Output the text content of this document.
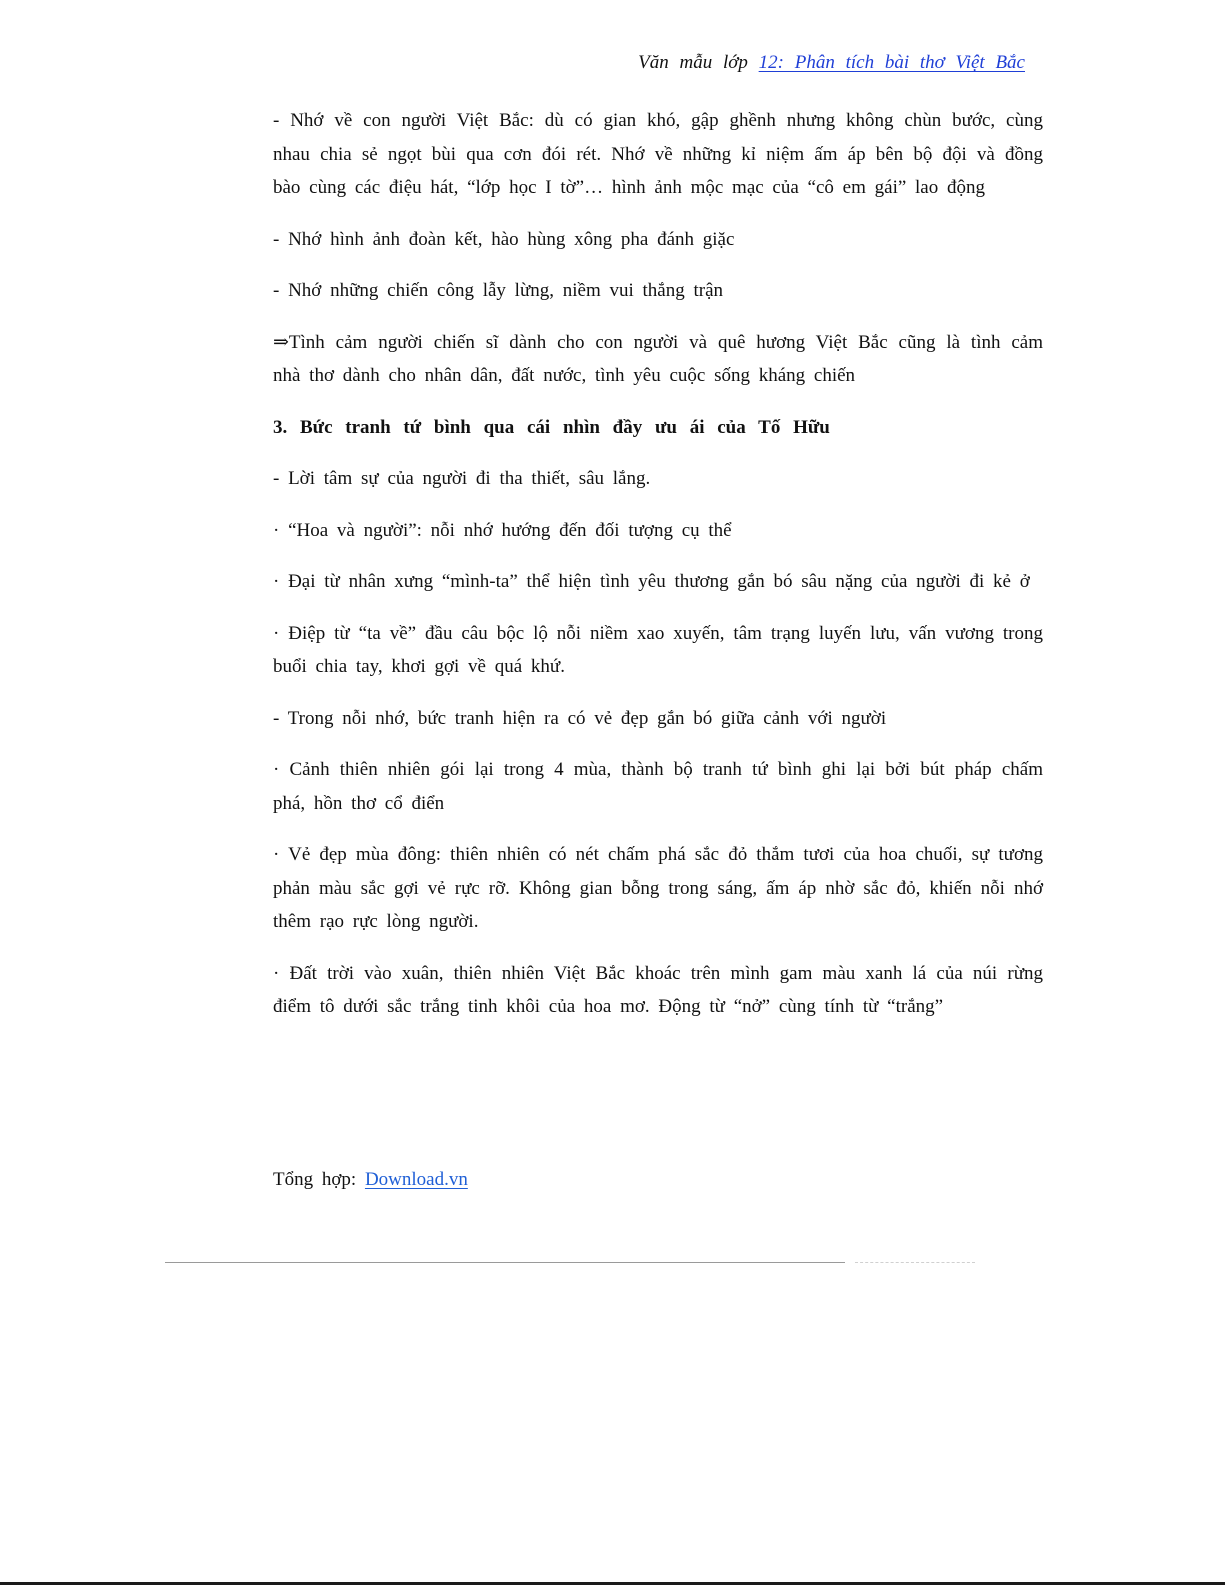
Văn mẫu lớp 12: Phân tích bài thơ Việt Bắc

- Nhớ về con người Việt Bắc: dù có gian khó, gập ghềnh nhưng không chùn bước, cùng nhau chia sẻ ngọt bùi qua cơn đói rét. Nhớ về những kỉ niệm ấm áp bên bộ đội và đồng bào cùng các điệu hát, “lớp học I tờ”… hình ảnh mộc mạc của “cô em gái” lao động

- Nhớ hình ảnh đoàn kết, hào hùng xông pha đánh giặc

- Nhớ những chiến công lẫy lừng, niềm vui thắng trận

⇒Tình cảm người chiến sĩ dành cho con người và quê hương Việt Bắc cũng là tình cảm nhà thơ dành cho nhân dân, đất nước, tình yêu cuộc sống kháng chiến

3. Bức tranh tứ bình qua cái nhìn đầy ưu ái của Tố Hữu

- Lời tâm sự của người đi tha thiết, sâu lắng.

· “Hoa và người”: nỗi nhớ hướng đến đối tượng cụ thể

· Đại từ nhân xưng “mình-ta” thể hiện tình yêu thương gắn bó sâu nặng của người đi kẻ ở

· Điệp từ “ta về” đầu câu bộc lộ nỗi niềm xao xuyến, tâm trạng luyến lưu, vấn vương trong buổi chia tay, khơi gợi về quá khứ.

- Trong nỗi nhớ, bức tranh hiện ra có vẻ đẹp gắn bó giữa cảnh với người

· Cảnh thiên nhiên gói lại trong 4 mùa, thành bộ tranh tứ bình ghi lại bởi bút pháp chấm phá, hồn thơ cổ điển

· Vẻ đẹp mùa đông: thiên nhiên có nét chấm phá sắc đỏ thắm tươi của hoa chuối, sự tương phản màu sắc gợi vẻ rực rỡ. Không gian bỗng trong sáng, ấm áp nhờ sắc đỏ, khiến nỗi nhớ thêm rạo rực lòng người.

· Đất trời vào xuân, thiên nhiên Việt Bắc khoác trên mình gam màu xanh lá của núi rừng điểm tô dưới sắc trắng tinh khôi của hoa mơ. Động từ “nở” cùng tính từ “trắng”

Tổng hợp: Download.vn
